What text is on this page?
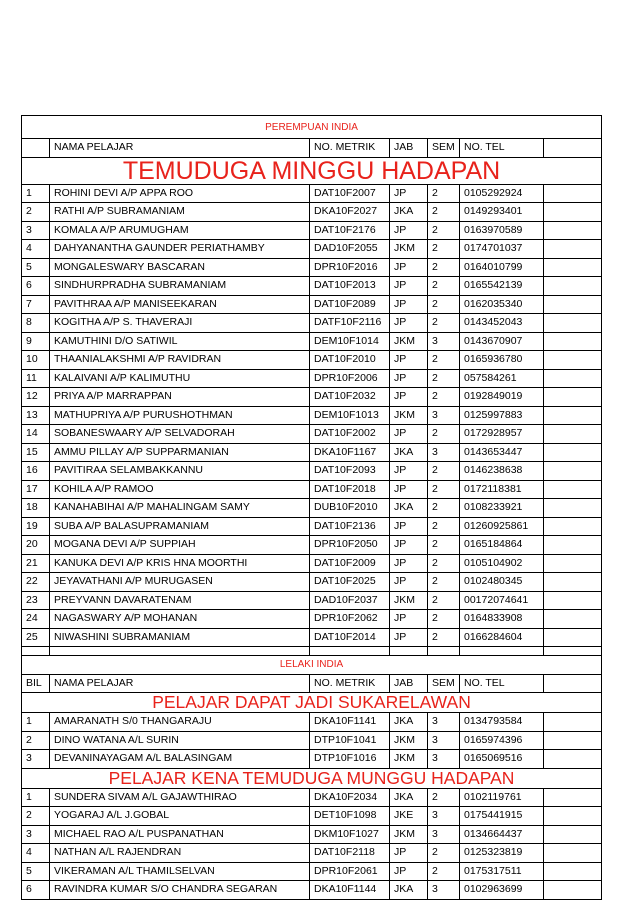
PEREMPUAN INDIA						
	NAMA PELAJAR	NO. METRIK	JAB	SEM	NO. TEL	
TEMUDUGA MINGGU HADAPAN						
1	ROHINI DEVI A/P APPA ROO	DAT10F2007	JP	2	0105292924	
2	RATHI A/P SUBRAMANIAM	DKA10F2027	JKA	2	0149293401	
3	KOMALA A/P ARUMUGHAM	DAT10F2176	JP	2	0163970589	
4	DAHYANANTHA GAUNDER PERIATHAMBY	DAD10F2055	JKM	2	0174701037	
5	MONGALESWARY BASCARAN	DPR10F2016	JP	2	0164010799	
6	SINDHURPRADHA SUBRAMANIAM	DAT10F2013	JP	2	0165542139	
7	PAVITHRAA A/P MANISEEKARAN	DAT10F2089	JP	2	0162035340	
8	KOGITHA A/P S. THAVERAJI	DATF10F2116	JP	2	0143452043	
9	KAMUTHINI D/O SATIWIL	DEM10F1014	JKM	3	0143670907	
10	THAANIALAKSHMI A/P RAVIDRAN	DAT10F2010	JP	2	0165936780	
11	KALAIVANI A/P KALIMUTHU	DPR10F2006	JP	2	057584261	
12	PRIYA A/P MARRAPPAN	DAT10F2032	JP	2	0192849019	
13	MATHUPRIYA A/P PURUSHOTHMAN	DEM10F1013	JKM	3	0125997883	
14	SOBANESWAARY A/P SELVADORAH	DAT10F2002	JP	2	0172928957	
15	AMMU PILLAY A/P SUPPARMANIAN	DKA10F1167	JKA	3	0143653447	
16	PAVITIRAA SELAMBAKKANNU	DAT10F2093	JP	2	0146238638	
17	KOHILA A/P RAMOO	DAT10F2018	JP	2	0172118381	
18	KANAHABIHAI A/P MAHALINGAM SAMY	DUB10F2010	JKA	2	0108233921	
19	SUBA A/P BALASUPRAMANIAM	DAT10F2136	JP	2	01260925861	
20	MOGANA DEVI A/P SUPPIAH	DPR10F2050	JP	2	0165184864	
21	KANUKA DEVI A/P KRIS HNA MOORTHI	DAT10F2009	JP	2	0105104902	
22	JEYAVATHANI A/P MURUGASEN	DAT10F2025	JP	2	0102480345	
23	PREYVANN DAVARATENAM	DAD10F2037	JKM	2	00172074641	
24	NAGASWARY A/P MOHANAN	DPR10F2062	JP	2	0164833908	
25	NIWASHINI SUBRAMANIAM	DAT10F2014	JP	2	0166284604	

LELAKI INDIA						
BIL	NAMA PELAJAR	NO. METRIK	JAB	SEM	NO. TEL	
PELAJAR DAPAT JADI SUKARELAWAN						
1	AMARANATH S/0 THANGARAJU	DKA10F1141	JKA	3	0134793584	
2	DINO WATANA A/L SURIN	DTP10F1041	JKM	3	0165974396	
3	DEVANINAYAGAM A/L BALASINGAM	DTP10F1016	JKM	3	0165069516	
PELAJAR KENA TEMUDUGA MUNGGU HADAPAN						
1	SUNDERA SIVAM A/L GAJAWTHIRAO	DKA10F2034	JKA	2	0102119761	
2	YOGARAJ A/L J.GOBAL	DET10F1098	JKE	3	0175441915	
3	MICHAEL RAO A/L PUSPANATHAN	DKM10F1027	JKM	3	0134664437	
4	NATHAN A/L RAJENDRAN	DAT10F2118	JP	2	0125323819	
5	VIKERAMAN A/L THAMILSELVAN	DPR10F2061	JP	2	0175317511	
6	RAVINDRA KUMAR S/O CHANDRA SEGARAN	DKA10F1144	JKA	3	0102963699	
